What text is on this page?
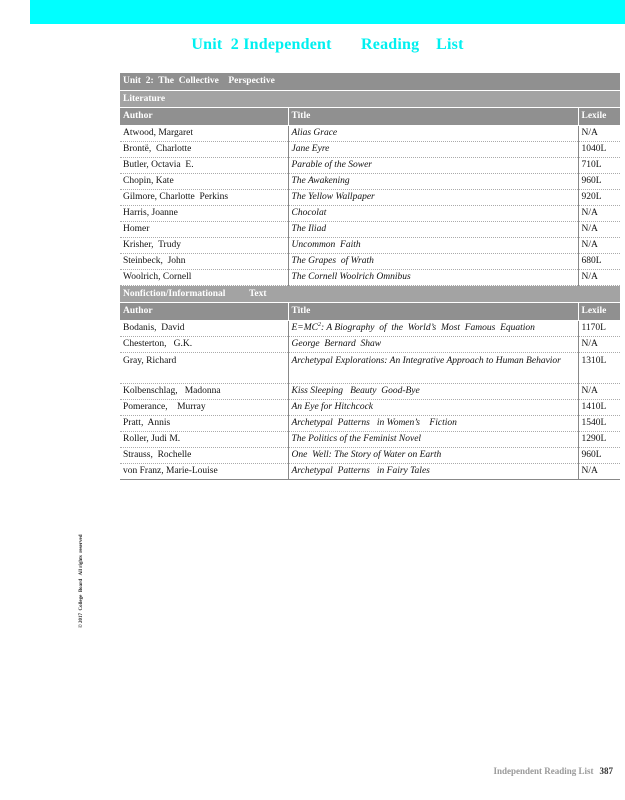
Unit  2 Independent       Reading    List
© 2017  College  Board   All rights  reserved
Unit  2:  The  Collective    Perspective		
Literature		
Author	Title	Lexile
Atwood, Margaret	Alias Grace	N/A
Brontë,  Charlotte	Jane Eyre	1040L
Butler, Octavia  E.	Parable of the Sower	710L
Chopin, Kate	The Awakening	960L
Gilmore, Charlotte  Perkins	The Yellow Wallpaper	920L
Harris, Joanne	Chocolat	N/A
Homer	The Iliad	N/A
Krisher,  Trudy	Uncommon  Faith	N/A
Steinbeck,  John	The Grapes  of Wrath	680L
Woolrich, Cornell	The Cornell Woolrich Omnibus	N/A
Nonfiction/Informational          Text		
Author	Title	Lexile
Bodanis,  David	$E=MC^2$: A Biography  of  the  World’s  Most  Famous  Equation	1170L
Chesterton,   G.K.	George  Bernard  Shaw	N/A
Gray, Richard	Archetypal Explorations: An Integrative Approach to Human Behavior	1310L
Kolbenschlag,   Madonna	Kiss Sleeping   Beauty  Good-Bye	N/A
Pomerance,    Murray	An Eye for Hitchcock	1410L
Pratt,  Annis	Archetypal  Patterns   in Women’s    Fiction	1540L
Roller, Judi M.	The Politics of the Feminist Novel	1290L
Strauss,  Rochelle	One  Well: The Story of Water on Earth	960L
von Franz, Marie-Louise	Archetypal  Patterns   in Fairy Tales	N/A
Independent Reading List 387
